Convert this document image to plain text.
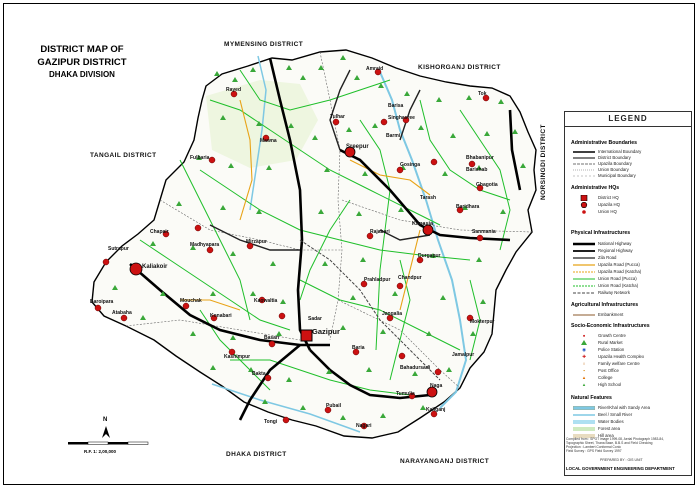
DISTRICT MAP OF
GAZIPUR DISTRICT
DHAKA DIVISION
MYMENSING DISTRICT
KISHORGANJ DISTRICT
TANGAIL DISTRICT	NORSINGDI DISTRICT
DHAKA DISTRICT
NARAYANGANJ DISTRICT
Kapasia
Tulhar
Gazipur
Sreepur
Tok
Barisa
Singhasree
Amraid
Barmi
Rayed
Fulbaria
Mawna
Gosinga
Tarash
Baridhara
Bhabanipur
Barishab
Ghagotia
Chapair
Sutrapur
Kaliakoir
Madhyapara
Atabaha
Mouchak
Kashimpur
Konabari
Baroipara
Mirzapur
Rajabari
Prahladpur Chandpur
Jamalpur
Durgapur
Sanmania
Kaliganj
Tumulia
Nagari
Pubail
Bahadursadi
Baria
Tongi
Basan
Kaowaltia
Jangalia
Mokterpur
Naga
Bakta
Sadar
N
R.F. 1: 2,00,000
LEGEND
Administrative Boundaries
International Boundary
District Boundary
Upazila Boundary
Union Boundary
Municipal Boundary
Administrative HQs
District HQ
Upazila HQ
Union HQ
Physical Infrastructures
National Highway
Regional Highway
Zila Road
Upazila Road (Pucca)
Upazila Road (Katcha)
Union Road (Pucca)
Union Road (Katcha)
Railway Network
Agricultural Infrastructures
Embankment
Socio-Economic Infrastructures
●	Growth Centre
Rural Market
◉	Police Station
✚	Upazila Health Complex
○	Family welfare Centre
▪	Post Office
▲	College
▲	High School
Natural Features
River/Khal with Sandy Area
Beel / Small River
Water Bodies
Forest area
Hill area
Compiled from : SPOT image 1999-08, Aerial Photograph 1983-84,
Topographic Sheet, Thana Base, B.B.S and Field Checking
Projection : Lambert Conformal Conic
Field Survey : GPS Field Survey 1997
PREPARED BY : GIS UNIT
LOCAL GOVERNMENT ENGINEERING DEPARTMENT
